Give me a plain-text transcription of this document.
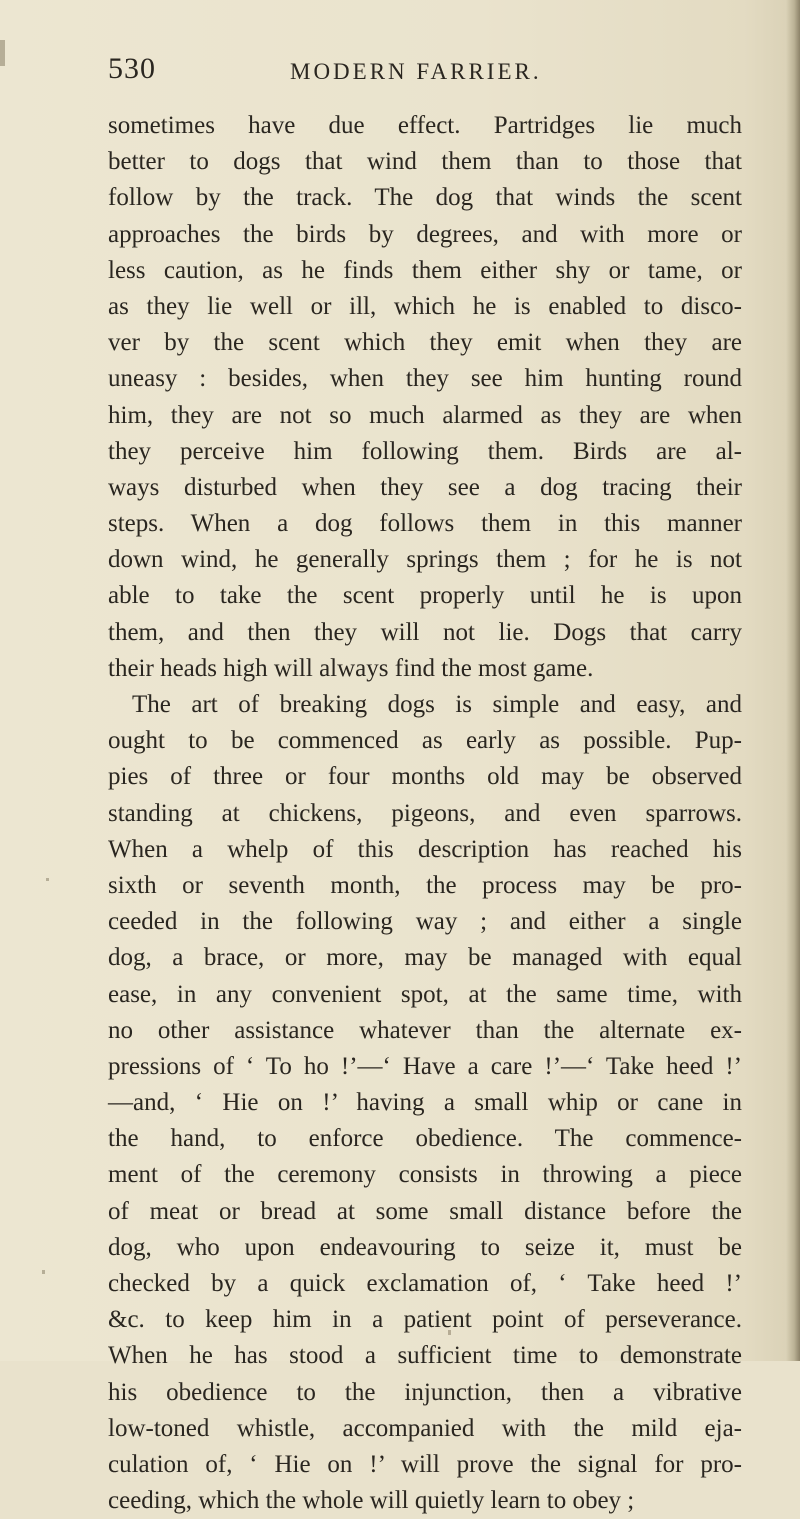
530	MODERN FARRIER.
sometimes have due effect. Partridges lie much
better to dogs that wind them than to those that
follow by the track. The dog that winds the scent
approaches the birds by degrees, and with more or
less caution, as he finds them either shy or tame, or
as they lie well or ill, which he is enabled to disco-
ver by the scent which they emit when they are
uneasy : besides, when they see him hunting round
him, they are not so much alarmed as they are when
they perceive him following them. Birds are al-
ways disturbed when they see a dog tracing their
steps. When a dog follows them in this manner
down wind, he generally springs them ; for he is not
able to take the scent properly until he is upon
them, and then they will not lie. Dogs that carry
their heads high will always find the most game.
The art of breaking dogs is simple and easy, and
ought to be commenced as early as possible. Pup-
pies of three or four months old may be observed
standing at chickens, pigeons, and even sparrows.
When a whelp of this description has reached his
sixth or seventh month, the process may be pro-
ceeded in the following way ; and either a single
dog, a brace, or more, may be managed with equal
ease, in any convenient spot, at the same time, with
no other assistance whatever than the alternate ex-
pressions of ‘ To ho !’—‘ Have a care !’—‘ Take heed !’
—and, ‘ Hie on !’ having a small whip or cane in
the hand, to enforce obedience. The commence-
ment of the ceremony consists in throwing a piece
of meat or bread at some small distance before the
dog, who upon endeavouring to seize it, must be
checked by a quick exclamation of, ‘ Take heed !’
&c. to keep him in a patient point of perseverance.
When he has stood a sufficient time to demonstrate
his obedience to the injunction, then a vibrative
low-toned whistle, accompanied with the mild eja-
culation of, ‘ Hie on !’ will prove the signal for pro-
ceeding, which the whole will quietly learn to obey ;
